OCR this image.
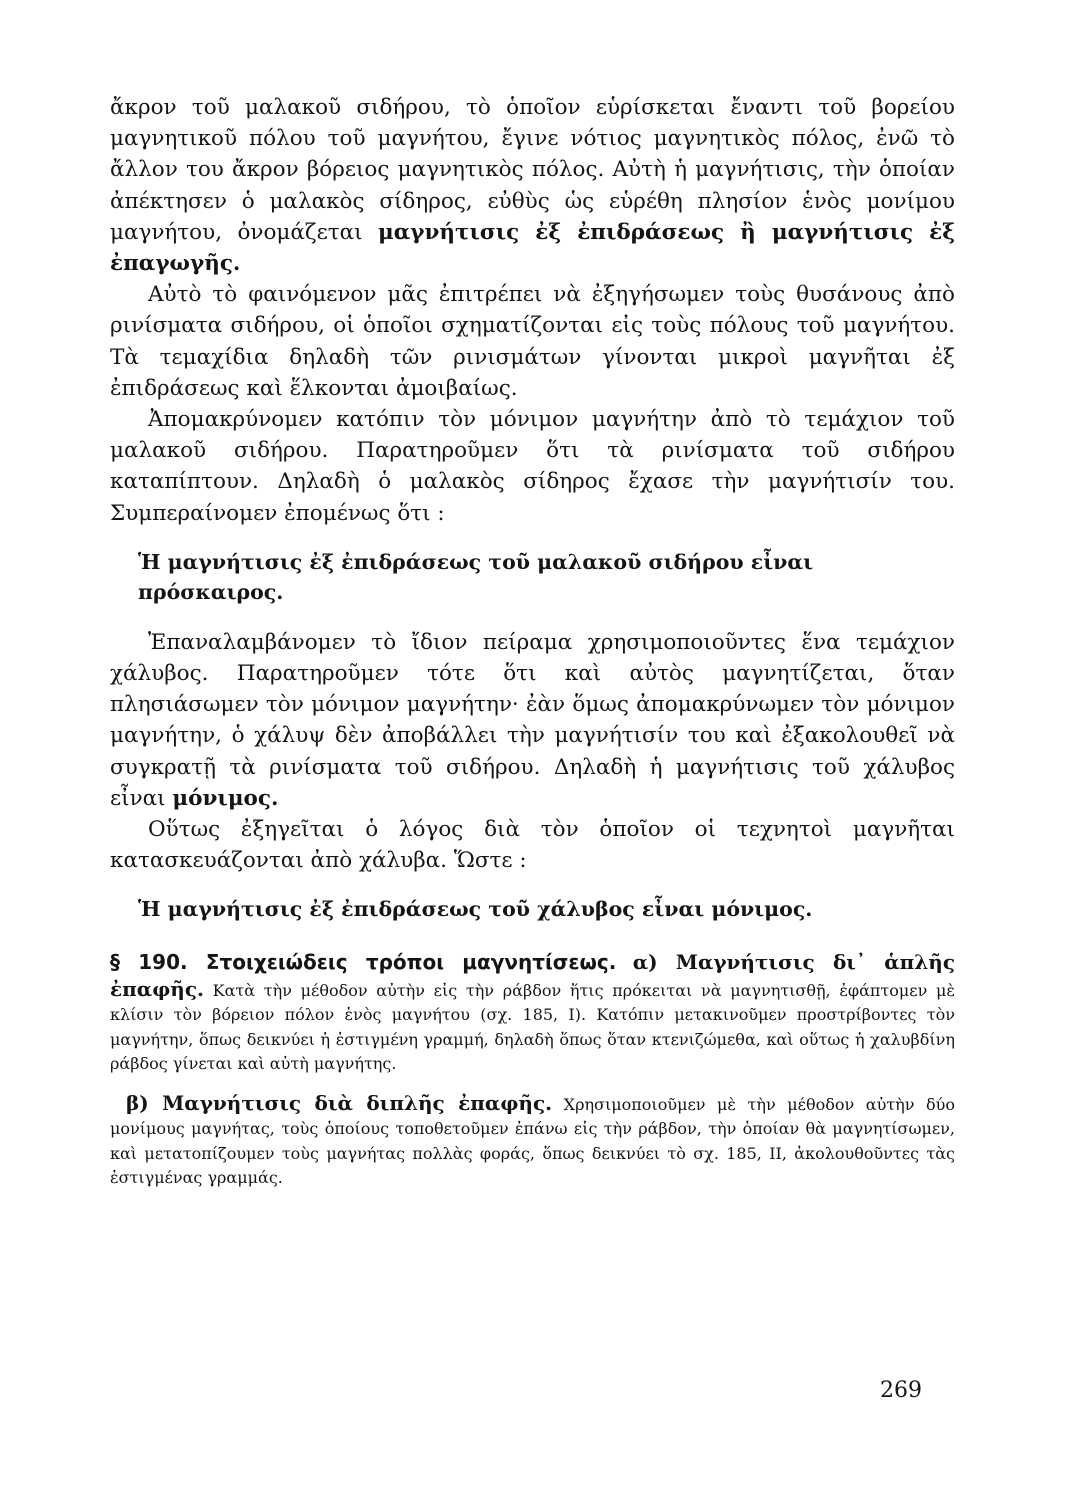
ἄκρον τοῦ μαλακοῦ σιδήρου, τὸ ὁποῖον εὑρίσκεται ἔναντι τοῦ βορείου μαγνητικοῦ πόλου τοῦ μαγνήτου, ἔγινε νότιος μαγνητικὸς πόλος, ἐνῶ τὸ ἄλλον του ἄκρον βόρειος μαγνητικὸς πόλος. Αὐτὴ ἡ μαγνήτισις, τὴν ὁποίαν ἀπέκτησεν ὁ μαλακὸς σίδηρος, εὐθὺς ὡς εὑρέθη πλησίον ἑνὸς μονίμου μαγνήτου, ὀνομάζεται μαγνήτισις ἐξ ἐπιδράσεως ἢ μαγνήτισις ἐξ ἐπαγωγῆς.

Αὐτὸ τὸ φαινόμενον μᾶς ἐπιτρέπει νὰ ἐξηγήσωμεν τοὺς θυσάνους ἀπὸ ρινίσματα σιδήρου, οἱ ὁποῖοι σχηματίζονται εἰς τοὺς πόλους τοῦ μαγνήτου. Τὰ τεμαχίδια δηλαδὴ τῶν ρινισμάτων γίνονται μικροὶ μαγνῆται ἐξ ἐπιδράσεως καὶ ἕλκονται ἀμοιβαίως.

Ἀπομακρύνομεν κατόπιν τὸν μόνιμον μαγνήτην ἀπὸ τὸ τεμάχιον τοῦ μαλακοῦ σιδήρου. Παρατηροῦμεν ὅτι τὰ ρινίσματα τοῦ σιδήρου καταπίπτουν. Δηλαδὴ ὁ μαλακὸς σίδηρος ἔχασε τὴν μαγνήτισίν του. Συμπεραίνομεν ἐπομένως ὅτι :

Ἡ μαγνήτισις ἐξ ἐπιδράσεως τοῦ μαλακοῦ σιδήρου εἶναι πρόσκαιρος.

Ἐπαναλαμβάνομεν τὸ ἴδιον πείραμα χρησιμοποιοῦντες ἕνα τεμάχιον χάλυβος. Παρατηροῦμεν τότε ὅτι καὶ αὐτὸς μαγνητίζεται, ὅταν πλησιάσωμεν τὸν μόνιμον μαγνήτην· ἐὰν ὅμως ἀπομακρύνωμεν τὸν μόνιμον μαγνήτην, ὁ χάλυψ δὲν ἀποβάλλει τὴν μαγνήτισίν του καὶ ἐξακολουθεῖ νὰ συγκρατῇ τὰ ρινίσματα τοῦ σιδήρου. Δηλαδὴ ἡ μαγνήτισις τοῦ χάλυβος εἶναι μόνιμος.

Οὕτως ἐξηγεῖται ὁ λόγος διὰ τὸν ὁποῖον οἱ τεχνητοὶ μαγνῆται κατασκευάζονται ἀπὸ χάλυβα. Ὥστε :

Ἡ μαγνήτισις ἐξ ἐπιδράσεως τοῦ χάλυβος εἶναι μόνιμος.

§ 190. Στοιχειώδεις τρόποι μαγνητίσεως. α) Μαγνήτισις δι᾽ ἁπλῆς ἐπαφῆς. Κατὰ τὴν μέθοδον αὐτὴν εἰς τὴν ράβδον ἥτις πρόκειται νὰ μαγνητισθῇ, ἐφάπτομεν μὲ κλίσιν τὸν βόρειον πόλον ἑνὸς μαγνήτου (σχ. 185, Ι). Κατόπιν μετακινοῦμεν προστρίβοντες τὸν μαγνήτην, ὅπως δεικνύει ἡ ἐστιγμένη γραμμή, δηλαδὴ ὅπως ὅταν κτενιζώμεθα, καὶ οὕτως ἡ χαλυβδίνη ράβδος γίνεται καὶ αὐτὴ μαγνήτης.

β) Μαγνήτισις διὰ διπλῆς ἐπαφῆς. Χρησιμοποιοῦμεν μὲ τὴν μέθοδον αὐτὴν δύο μονίμους μαγνήτας, τοὺς ὁποίους τοποθετοῦμεν ἐπάνω εἰς τὴν ράβδον, τὴν ὁποίαν θὰ μαγνητίσωμεν, καὶ μετατοπίζουμεν τοὺς μαγνήτας πολλὰς φοράς, ὅπως δεικνύει τὸ σχ. 185, ΙΙ, ἀκολουθοῦντες τὰς ἐστιγμένας γραμμάς.

269
